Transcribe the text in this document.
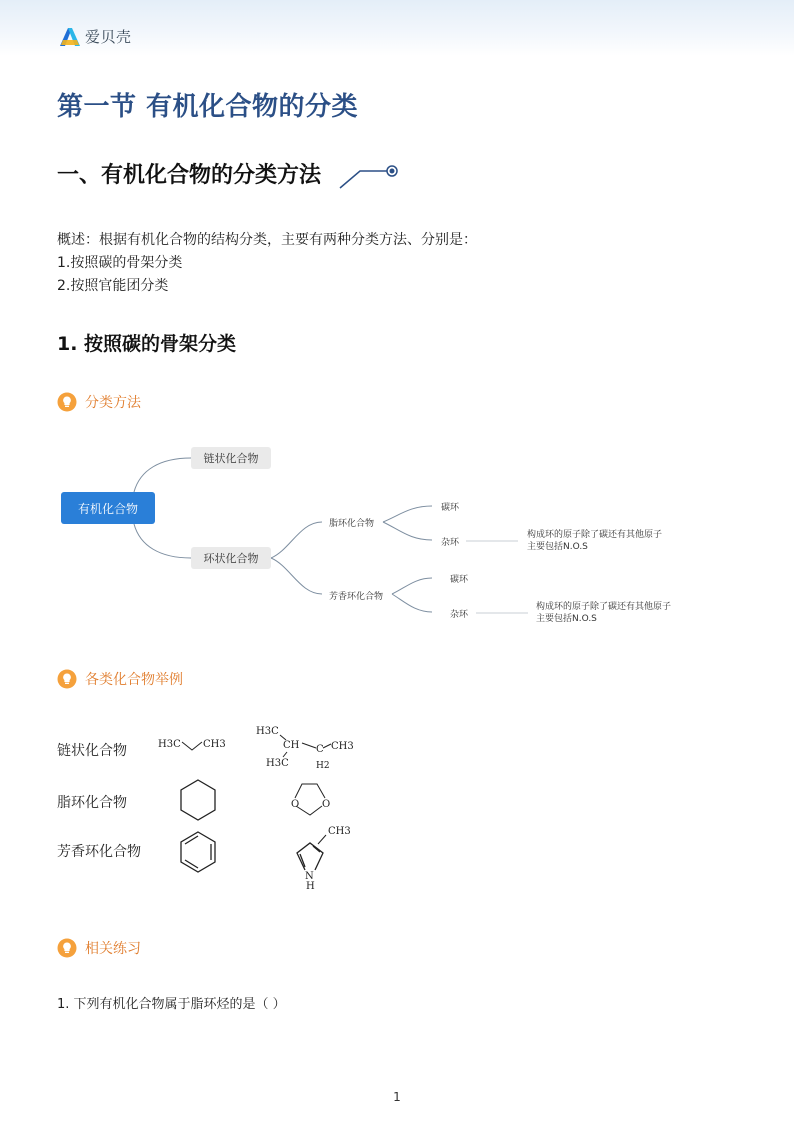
爱贝壳
第一节 有机化合物的分类
一、有机化合物的分类方法
概述：根据有机化合物的结构分类，主要有两种分类方法、分别是：
1.按照碳的骨架分类
2.按照官能团分类
1. 按照碳的骨架分类
分类方法
有机化合物
链状化合物
环状化合物
脂环化合物
芳香环化合物
碳环
杂环
碳环
杂环
构成环的原子除了碳还有其他原子
主要包括N.O.S
构成环的原子除了碳还有其他原子
主要包括N.O.S
各类化合物举例
链状化合物
脂环化合物
芳香环化合物
H3C CH3
H3C
CH
H3C
C
H2
CH3
O O
CH3
N
H
相关练习
1. 下列有机化合物属于脂环烃的是（ ）
1
